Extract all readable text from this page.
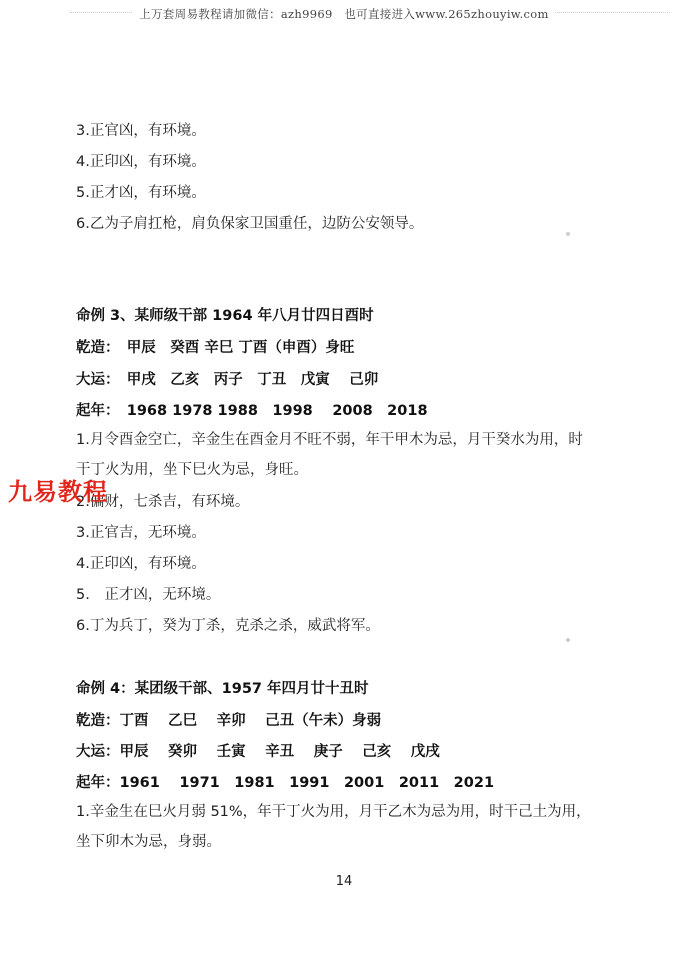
上万套周易教程请加微信：azh9969　也可直接进入www.265zhouyiw.com
3.正官凶，有环境。
4.正印凶，有环境。
5.正才凶，有环境。
6.乙为子肩扛枪，肩负保家卫国重任，边防公安领导。
命例 3、某师级干部 1964 年八月廿四日酉时
乾造：　甲辰　癸酉 辛巳 丁酉（申酉）身旺
大运：　甲戌　乙亥　丙子　丁丑　戊寅　 己卯
起年：　1968 1978 1988　1998　 2008　2018
1.月令酉金空亡，辛金生在酉金月不旺不弱，年干甲木为忌，月干癸水为用，时干丁火为用，坐下巳火为忌，身旺。
2.偏财，七杀吉，有环境。
3.正官吉，无环境。
4.正印凶，有环境。
5.　正才凶，无环境。
6.丁为兵丁，癸为丁杀，克杀之杀，威武将军。
命例 4：某团级干部、1957 年四月廿十丑时
乾造：丁酉　 乙巳　 辛卯　 己丑（午未）身弱
大运：甲辰　 癸卯　 壬寅　 辛丑　 庚子　 己亥　 戊戌
起年：1961　 1971　1981　1991　2001　2011　2021
1.辛金生在巳火月弱 51%，年干丁火为用，月干乙木为忌为用，时干己土为用，坐下卯木为忌，身弱。
九易教程
14
